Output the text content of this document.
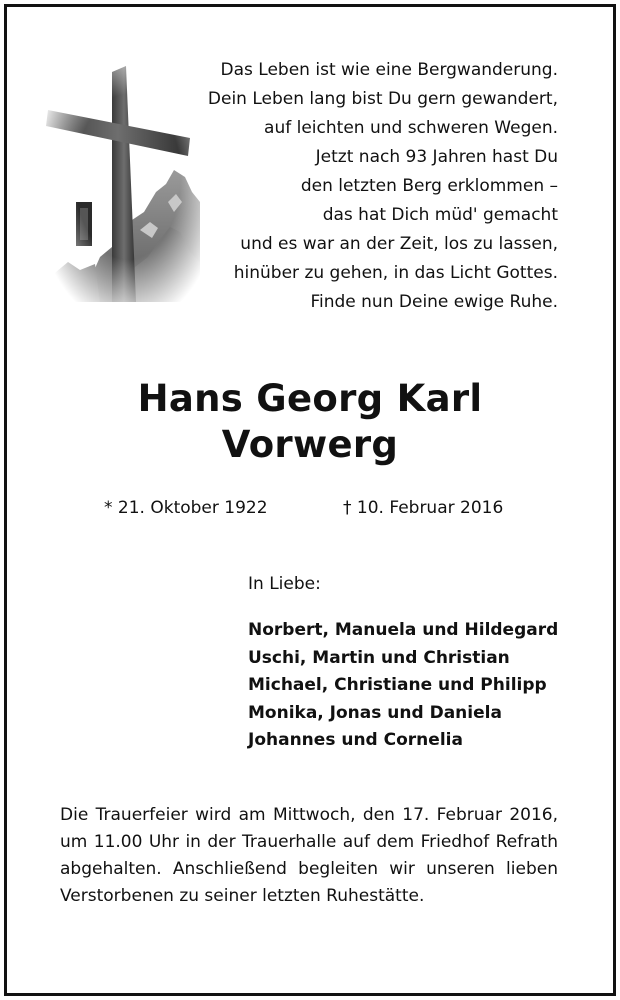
Das Leben ist wie eine Bergwanderung.
Dein Leben lang bist Du gern gewandert,
auf leichten und schweren Wegen.
Jetzt nach 93 Jahren hast Du
den letzten Berg erklommen –
das hat Dich müd' gemacht
und es war an der Zeit, los zu lassen,
hinüber zu gehen, in das Licht Gottes.
Finde nun Deine ewige Ruhe.
Hans Georg Karl
Vorwerg
* 21. Oktober 1922	† 10. Februar 2016
In Liebe:
Norbert, Manuela und Hildegard
Uschi, Martin und Christian
Michael, Christiane und Philipp
Monika, Jonas und Daniela
Johannes und Cornelia
Die Trauerfeier wird am Mittwoch, den 17. Februar 2016, um 11.00 Uhr in der Trauerhalle auf dem Friedhof Refrath abgehalten. Anschließend begleiten wir unseren lieben Verstorbenen zu seiner letzten Ruhestätte.
